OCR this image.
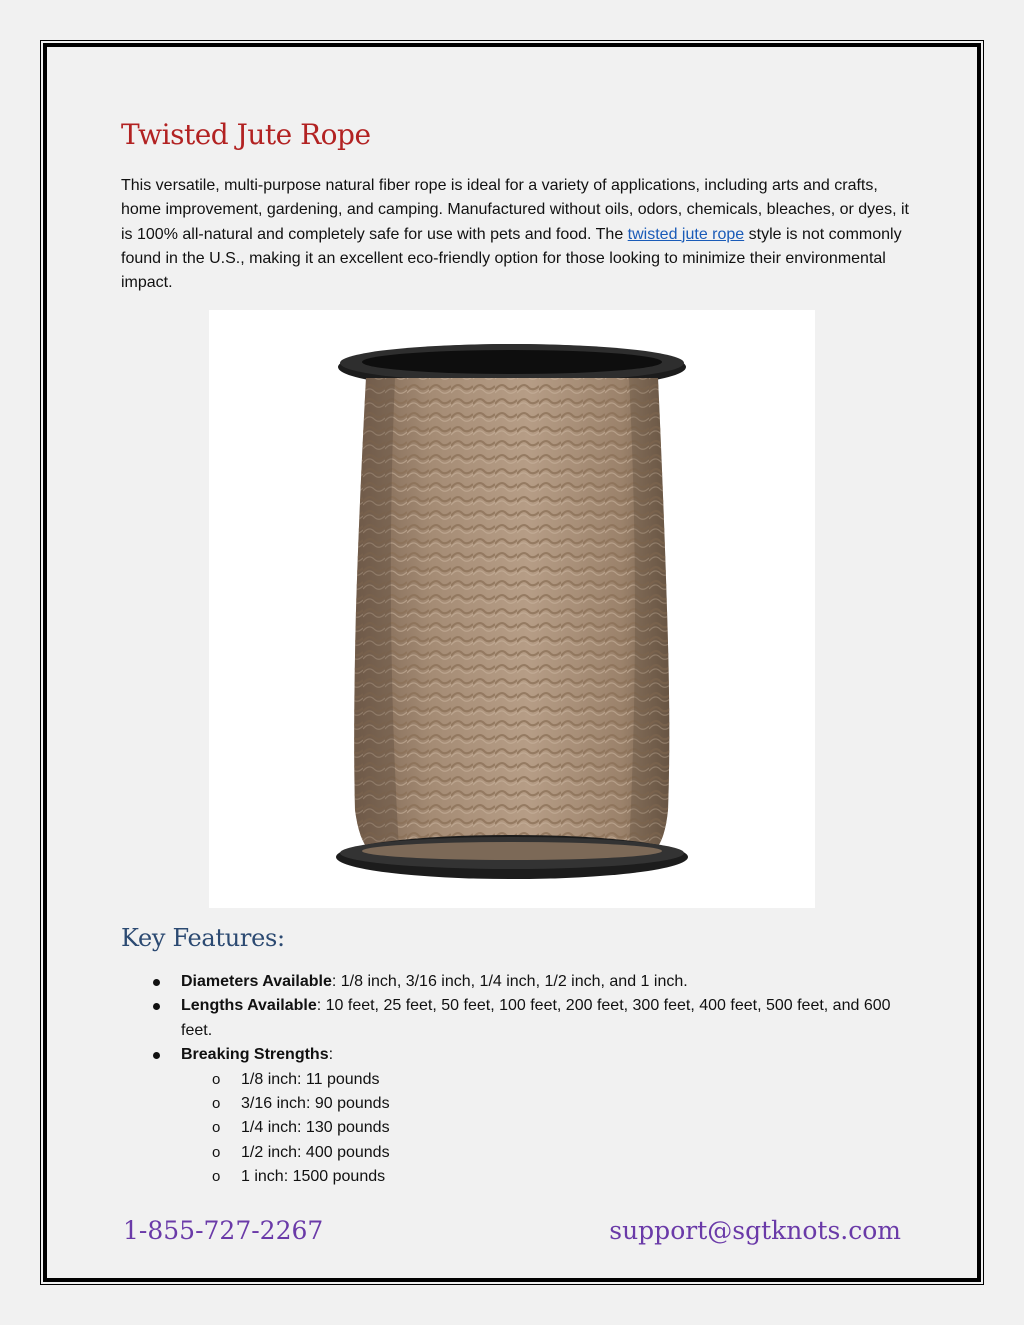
Twisted Jute Rope

This versatile, multi-purpose natural fiber rope is ideal for a variety of applications, including arts and crafts, home improvement, gardening, and camping. Manufactured without oils, odors, chemicals, bleaches, or dyes, it is 100% all-natural and completely safe for use with pets and food. The twisted jute rope style is not commonly found in the U.S., making it an excellent eco-friendly option for those looking to minimize their environmental impact.

Key Features:
Diameters Available: 1/8 inch, 3/16 inch, 1/4 inch, 1/2 inch, and 1 inch.
Lengths Available: 10 feet, 25 feet, 50 feet, 100 feet, 200 feet, 300 feet, 400 feet, 500 feet, and 600 feet.
Breaking Strengths:
o 1/8 inch: 11 pounds
o 3/16 inch: 90 pounds
o 1/4 inch: 130 pounds
o 1/2 inch: 400 pounds
o 1 inch: 1500 pounds
1-855-727-2267	support@sgtknots.com
